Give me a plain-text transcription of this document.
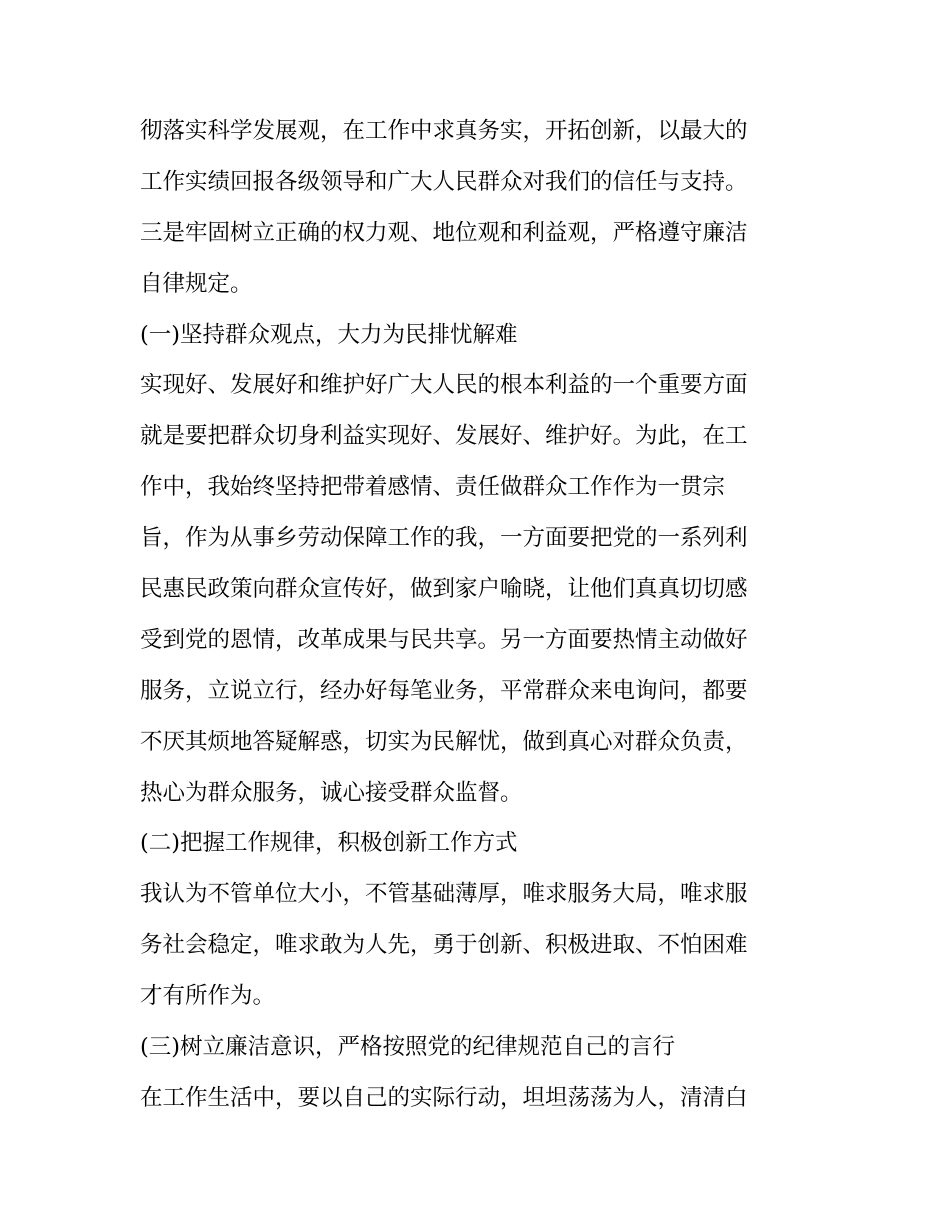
彻落实科学发展观，在工作中求真务实，开拓创新，以最大的
工作实绩回报各级领导和广大人民群众对我们的信任与支持。
三是牢固树立正确的权力观、地位观和利益观，严格遵守廉洁
自律规定。
(一)坚持群众观点，大力为民排忧解难
实现好、发展好和维护好广大人民的根本利益的一个重要方面
就是要把群众切身利益实现好、发展好、维护好。为此，在工
作中，我始终坚持把带着感情、责任做群众工作作为一贯宗
旨，作为从事乡劳动保障工作的我，一方面要把党的一系列利
民惠民政策向群众宣传好，做到家户喻晓，让他们真真切切感
受到党的恩情，改革成果与民共享。另一方面要热情主动做好
服务，立说立行，经办好每笔业务，平常群众来电询问，都要
不厌其烦地答疑解惑，切实为民解忧，做到真心对群众负责，
热心为群众服务，诚心接受群众监督。
(二)把握工作规律，积极创新工作方式
我认为不管单位大小，不管基础薄厚，唯求服务大局，唯求服
务社会稳定，唯求敢为人先，勇于创新、积极进取、不怕困难
才有所作为。
(三)树立廉洁意识，严格按照党的纪律规范自己的言行
在工作生活中，要以自己的实际行动，坦坦荡荡为人，清清白
